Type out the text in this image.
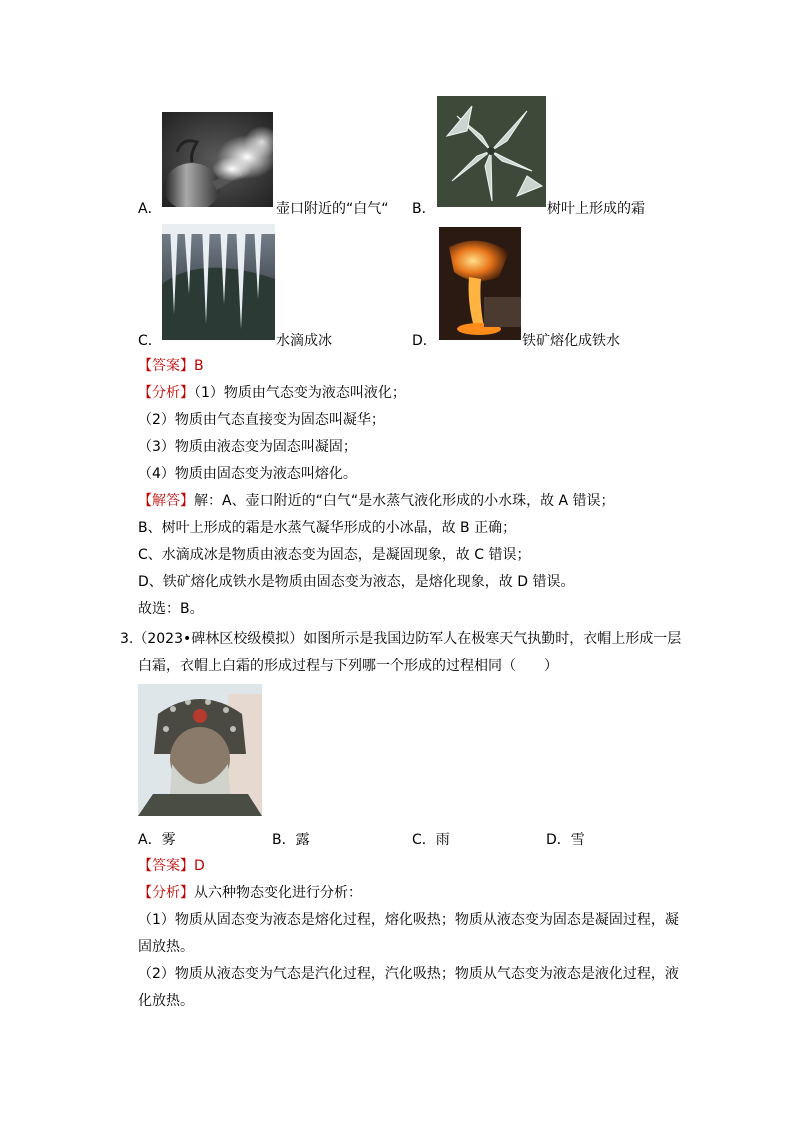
A．	壶口附近的“白气“ B．	树叶上形成的霜
C．	水滴成冰	D．	铁矿熔化成铁水
【答案】B
【分析】（1）物质由气态变为液态叫液化；
（2）物质由气态直接变为固态叫凝华；
（3）物质由液态变为固态叫凝固；
（4）物质由固态变为液态叫熔化。
【解答】解：A、壶口附近的“白气“是水蒸气液化形成的小水珠，故 A 错误；
B、树叶上形成的霜是水蒸气凝华形成的小冰晶，故 B 正确；
C、水滴成冰是物质由液态变为固态，是凝固现象，故 C 错误；
D、铁矿熔化成铁水是物质由固态变为液态，是熔化现象，故 D 错误。
故选：B。
3.（2023•碑林区校级模拟）如图所示是我国边防军人在极寒天气执勤时，衣帽上形成一层
白霜，衣帽上白霜的形成过程与下列哪一个形成的过程相同（　　）
A．雾	B．露	C．雨	D．雪
【答案】D
【分析】从六种物态变化进行分析：
（1）物质从固态变为液态是熔化过程，熔化吸热；物质从液态变为固态是凝固过程，凝
固放热。
（2）物质从液态变为气态是汽化过程，汽化吸热；物质从气态变为液态是液化过程，液
化放热。
